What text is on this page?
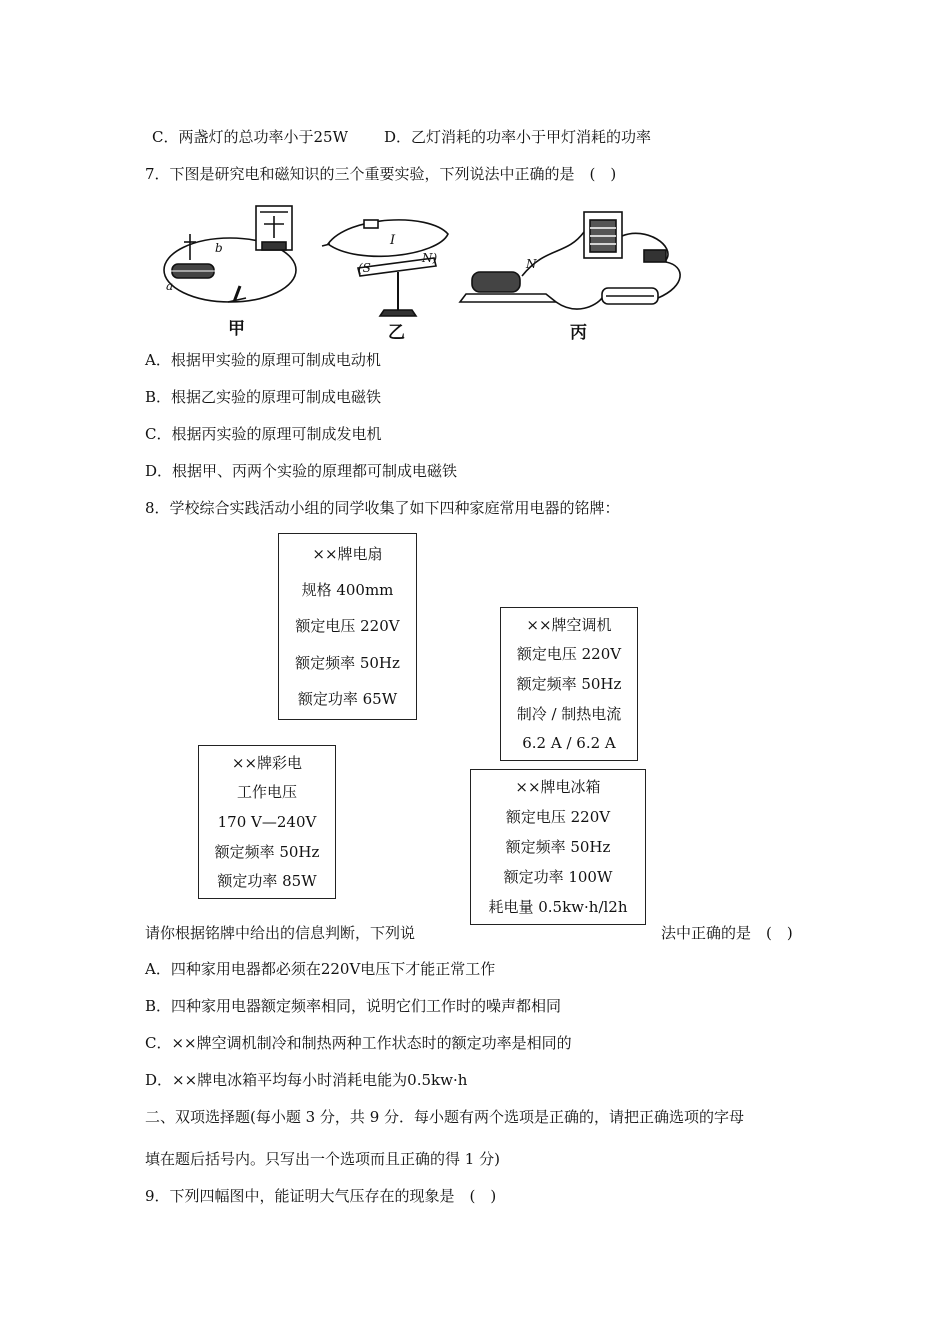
C．两盏灯的总功率小于25W D．乙灯消耗的功率小于甲灯消耗的功率
7．下图是研究电和磁知识的三个重要实验，下列说法中正确的是　(　)
b
a
甲
I
(S
N)
乙
N
丙
A．根据甲实验的原理可制成电动机
B．根据乙实验的原理可制成电磁铁
C．根据丙实验的原理可制成发电机
D．根据甲、丙两个实验的原理都可制成电磁铁
8．学校综合实践活动小组的同学收集了如下四种家庭常用电器的铭牌：
××牌电扇
规格 400mm
额定电压 220V
额定频率 50Hz
额定功率 65W
××牌空调机
额定电压 220V
额定频率 50Hz
制冷 / 制热电流
6.2 A / 6.2 A
××牌彩电
工作电压
170 V—240V
额定频率 50Hz
额定功率 85W
××牌电冰箱
额定电压 220V
额定频率 50Hz
额定功率 100W
耗电量 0.5kw·h/l2h
请你根据铭牌中给出的信息判断，下列说	法中正确的是　(　)
A．四种家用电器都必须在220V电压下才能正常工作
B．四种家用电器额定频率相同，说明它们工作时的噪声都相同
C．××牌空调机制冷和制热两种工作状态时的额定功率是相同的
D．××牌电冰箱平均每小时消耗电能为0.5kw·h
二、双项选择题(每小题 3 分，共 9 分．每小题有两个选项是正确的，请把正确选项的字母
填在题后括号内。只写出一个选项而且正确的得 1 分)
9．下列四幅图中，能证明大气压存在的现象是　(　)
